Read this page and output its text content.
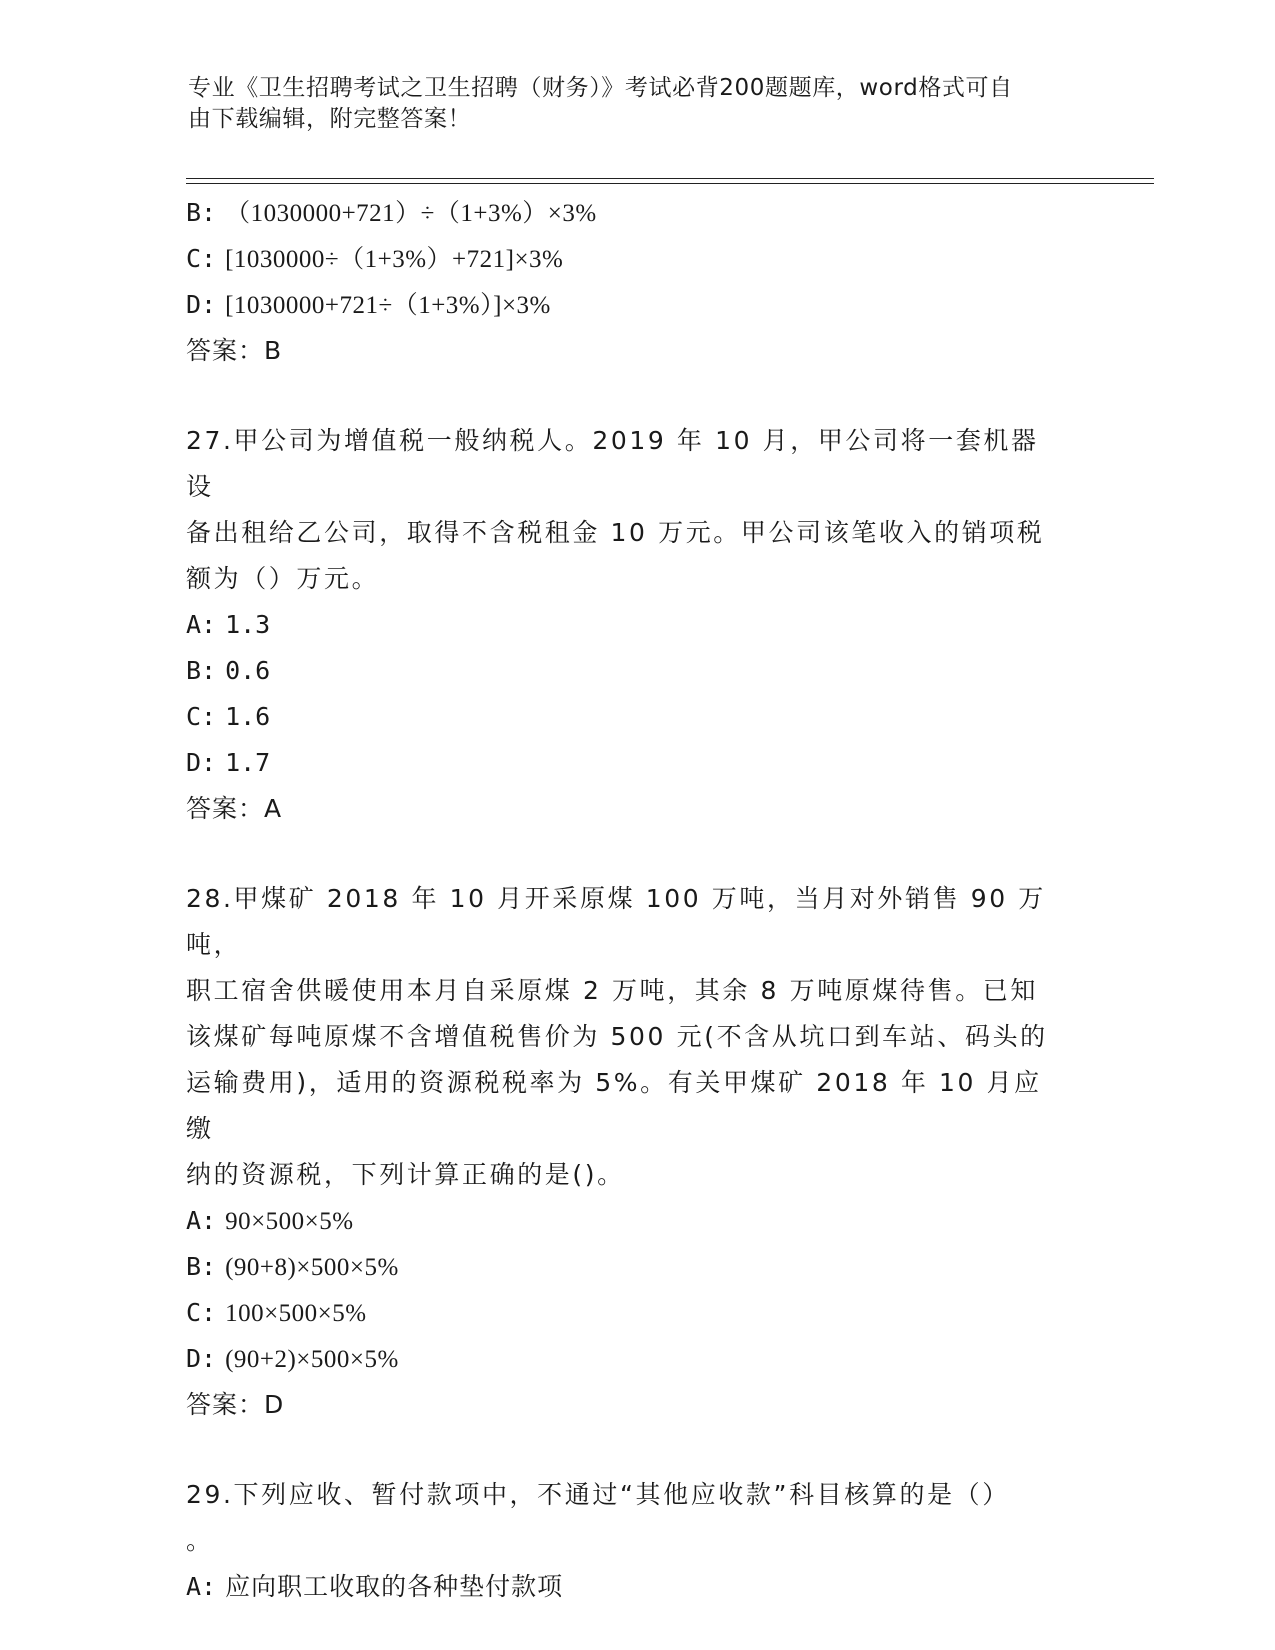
专业《卫生招聘考试之卫生招聘（财务）》考试必背200题题库，word格式可自
由下载编辑，附完整答案！
B: （1030000+721）÷（1+3%）×3%
C: [1030000÷（1+3%）+721]×3%
D: [1030000+721÷（1+3%）]×3%
答案：B
27.甲公司为增值税一般纳税人。2019 年 10 月，甲公司将一套机器设
备出租给乙公司，取得不含税租金 10 万元。甲公司该笔收入的销项税
额为（）万元。
A: 1.3
B: 0.6
C: 1.6
D: 1.7
答案：A
28.甲煤矿 2018 年 10 月开采原煤 100 万吨，当月对外销售 90 万吨，
职工宿舍供暖使用本月自采原煤 2 万吨，其余 8 万吨原煤待售。已知
该煤矿每吨原煤不含增值税售价为 500 元(不含从坑口到车站、码头的
运输费用)，适用的资源税税率为 5%。有关甲煤矿 2018 年 10 月应缴
纳的资源税，下列计算正确的是()。
A: 90×500×5%
B: (90+8)×500×5%
C: 100×500×5%
D: (90+2)×500×5%
答案：D
29.下列应收、暂付款项中，不通过“其他应收款”科目核算的是（）
。
A: 应向职工收取的各种垫付款项
